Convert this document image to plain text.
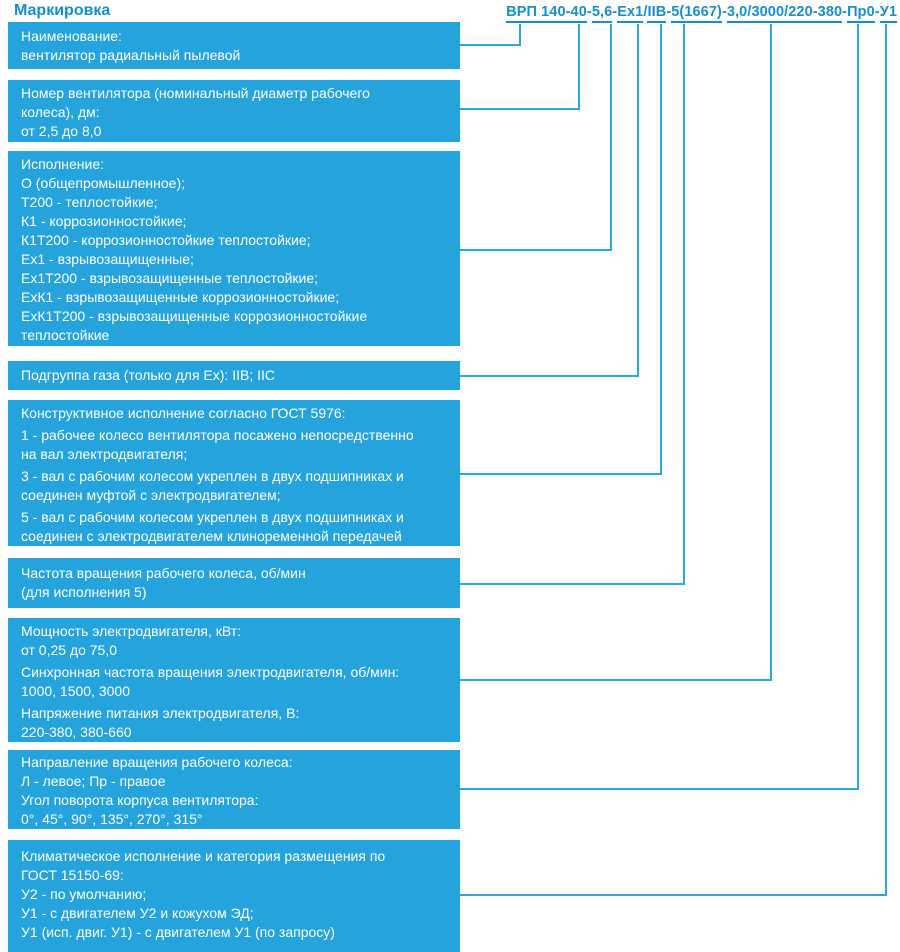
Маркировка	ВРП 140-40-5,6-Ex1/IIB-5(1667)-3,0/3000/220-380-Пр0-У1
Наименование:
вентилятор радиальный пылевой
Номер вентилятора (номинальный диаметр рабочего
колеса), дм:
от 2,5 до 8,0
Исполнение:
О (общепромышленное);
Т200 - теплостойкие;
К1 - коррозионностойкие;
К1Т200 - коррозионностойкие теплостойкие;
Ex1 - взрывозащищенные;
Ex1Т200 - взрывозащищенные теплостойкие;
ExК1 - взрывозащищенные коррозионностойкие;
ExК1Т200 - взрывозащищенные коррозионностойкие
теплостойкие
Подгруппа газа (только для Ex): IIB; IIC
Конструктивное исполнение согласно ГОСТ 5976:
1 - рабочее колесо вентилятора посажено непосредственно
на вал электродвигателя;
3 - вал с рабочим колесом укреплен в двух подшипниках и
соединен муфтой с электродвигателем;
5 - вал с рабочим колесом укреплен в двух подшипниках и
соединен с электродвигателем клиноременной передачей
Частота вращения рабочего колеса, об/мин
(для исполнения 5)
Мощность электродвигателя, кВт:
от 0,25 до 75,0
Синхронная частота вращения электродвигателя, об/мин:
1000, 1500, 3000
Напряжение питания электродвигателя, В:
220-380, 380-660
Направление вращения рабочего колеса:
Л - левое; Пр - правое
Угол поворота корпуса вентилятора:
0°, 45°, 90°, 135°, 270°, 315°
Климатическое исполнение и категория размещения по
ГОСТ 15150-69:
У2 - по умолчанию;
У1 - с двигателем У2 и кожухом ЭД;
У1 (исп. двиг. У1) - с двигателем У1 (по запросу)
